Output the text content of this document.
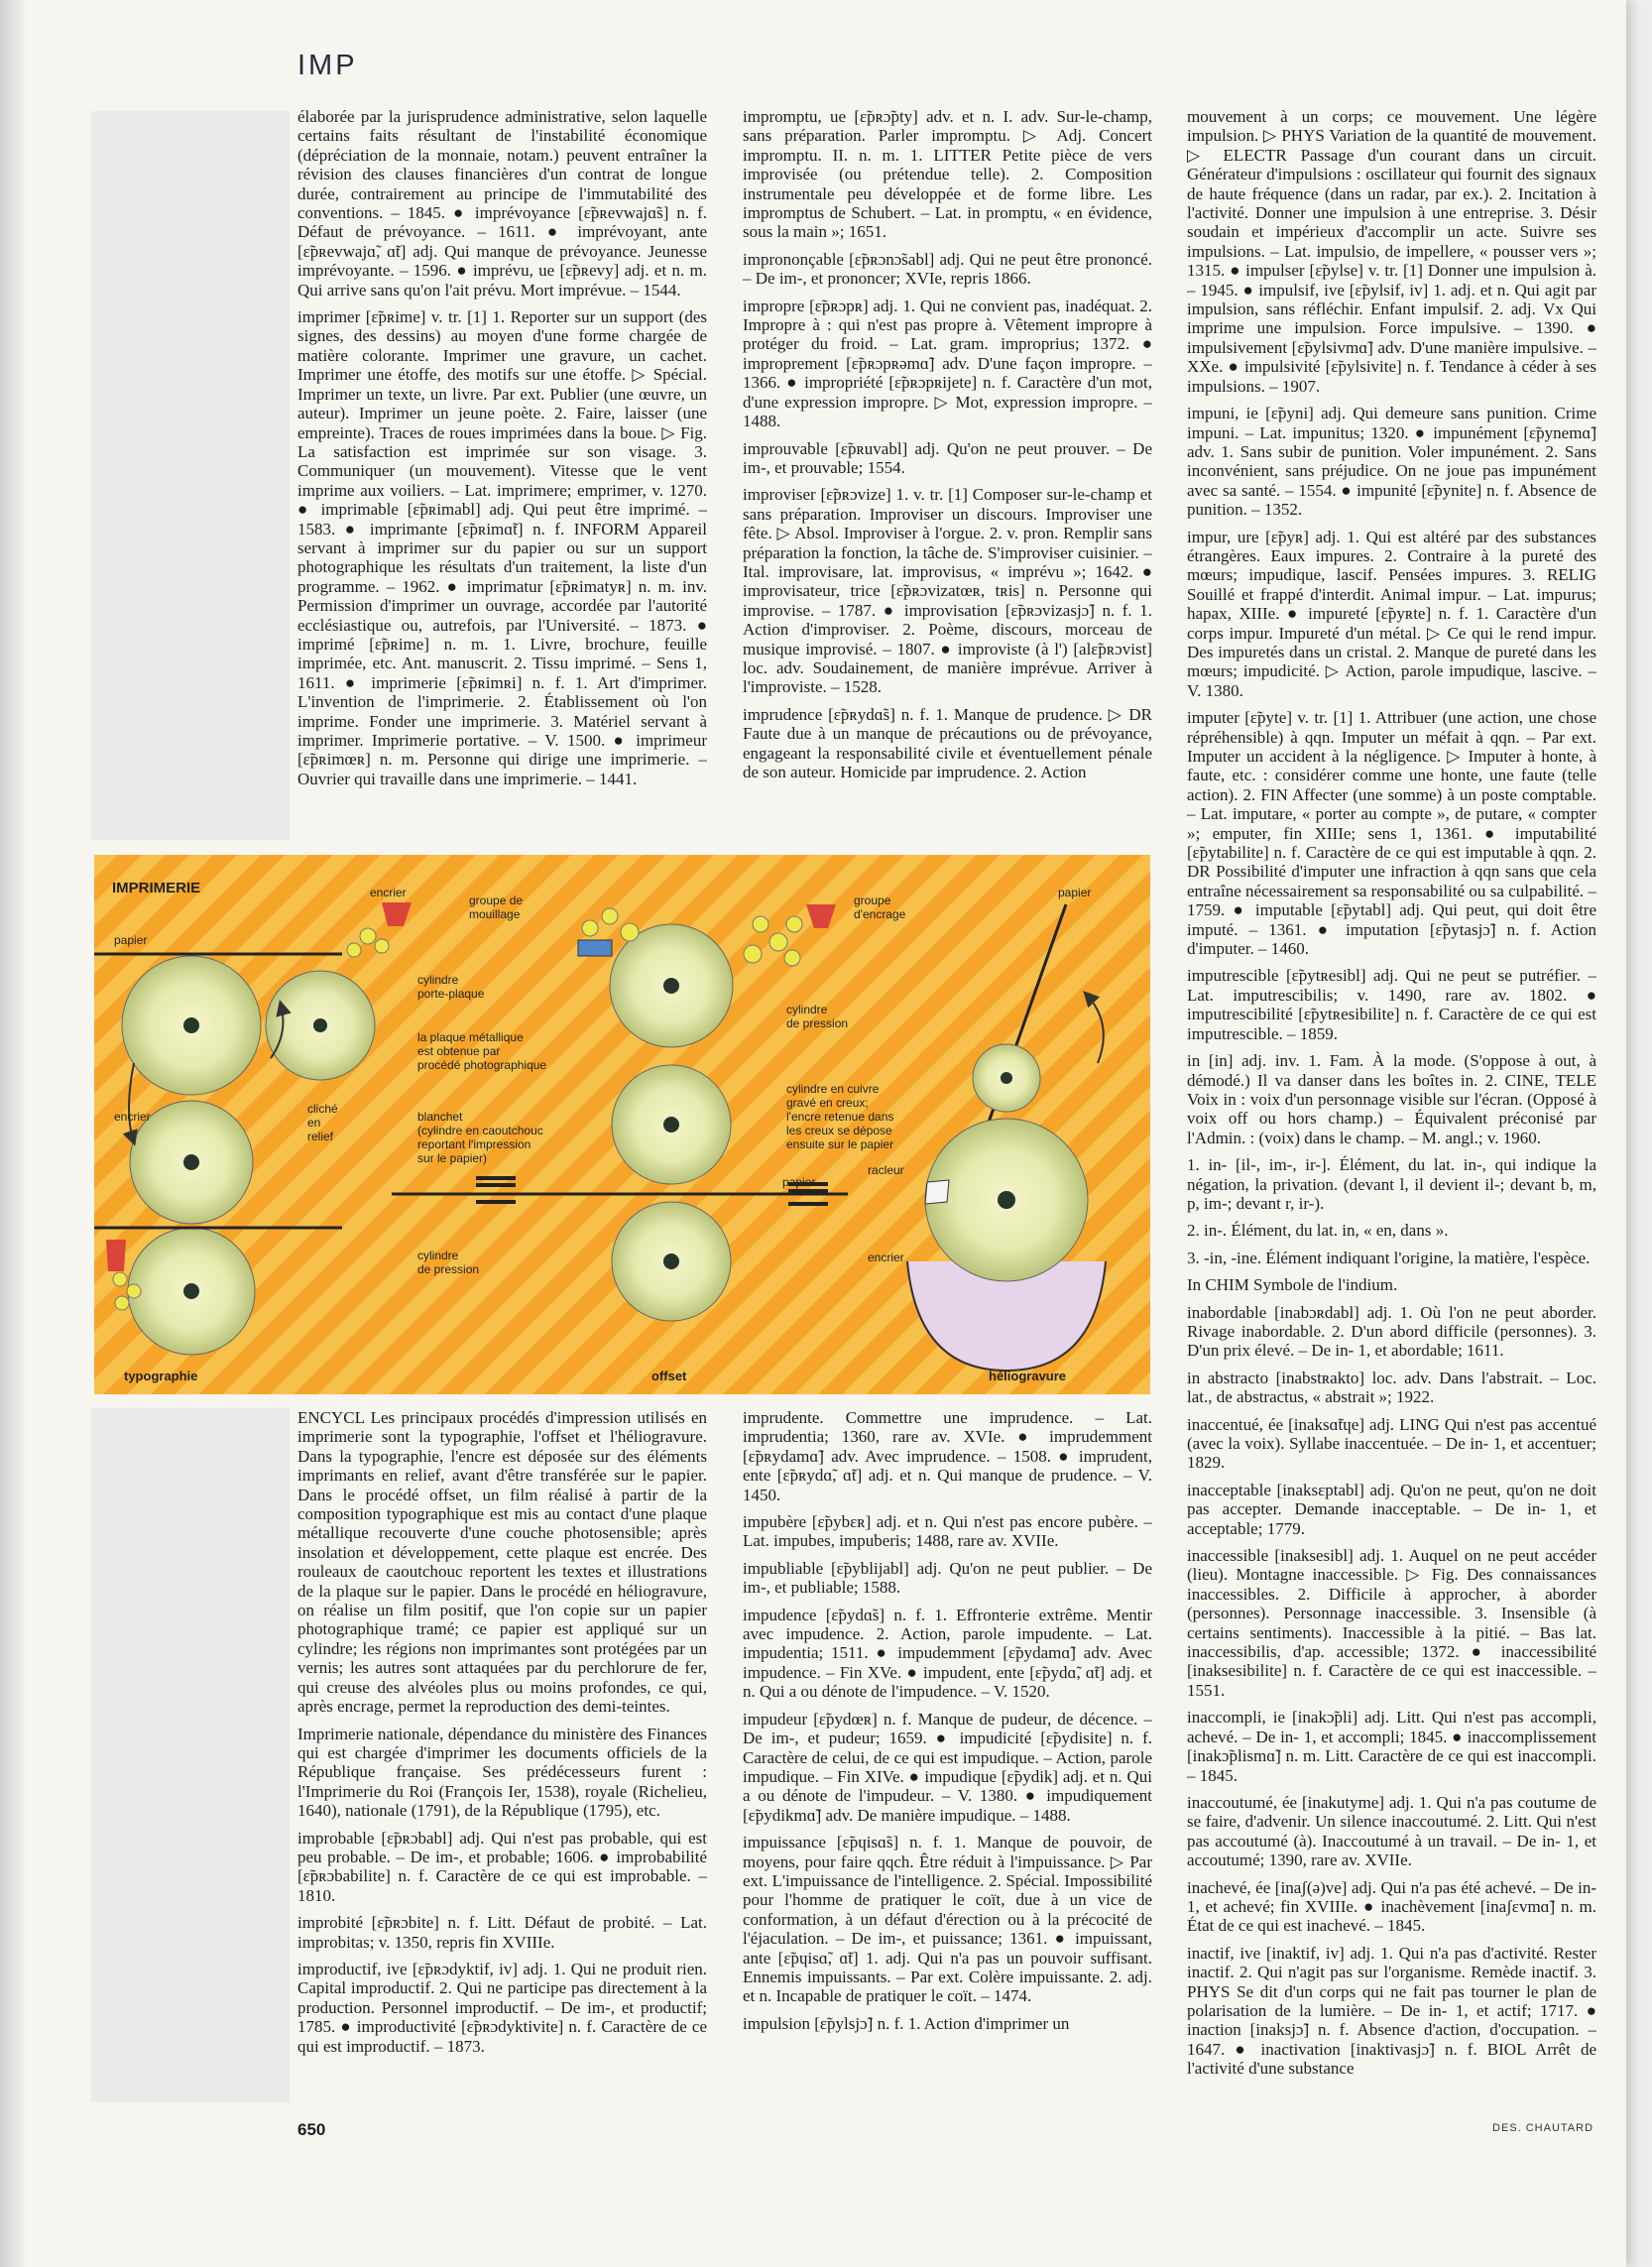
IMP

élaborée par la jurisprudence administrative, selon laquelle certains faits résultant de l'instabilité économique (dépréciation de la monnaie, notam.) peuvent entraîner la révision des clauses financières d'un contrat de longue durée, contrairement au principe de l'immutabilité des conventions. – 1845. ● imprévoyance [ɛ̃pʀevwajɑ̃s] n. f. Défaut de prévoyance. – 1611. ● imprévoyant, ante [ɛ̃pʀevwajɑ̃, ɑ̃t] adj. Qui manque de prévoyance. Jeunesse imprévoyante. – 1596. ● imprévu, ue [ɛ̃pʀevy] adj. et n. m. Qui arrive sans qu'on l'ait prévu. Mort imprévue. – 1544.

imprimer [ɛ̃pʀime] v. tr. [1] 1. Reporter sur un support (des signes, des dessins) au moyen d'une forme chargée de matière colorante. Imprimer une gravure, un cachet. Imprimer une étoffe, des motifs sur une étoffe. ▷ Spécial. Imprimer un texte, un livre. Par ext. Publier (une œuvre, un auteur). Imprimer un jeune poète. 2. Faire, laisser (une empreinte). Traces de roues imprimées dans la boue. ▷ Fig. La satisfaction est imprimée sur son visage. 3. Communiquer (un mouvement). Vitesse que le vent imprime aux voiliers. – Lat. imprimere; emprimer, v. 1270. ● imprimable [ɛ̃pʀimabl] adj. Qui peut être imprimé. – 1583. ● imprimante [ɛ̃pʀimɑ̃t] n. f. INFORM Appareil servant à imprimer sur du papier ou sur un support photographique les résultats d'un traitement, la liste d'un programme. – 1962. ● imprimatur [ɛ̃pʀimatyʀ] n. m. inv. Permission d'imprimer un ouvrage, accordée par l'autorité ecclésiastique ou, autrefois, par l'Université. – 1873. ● imprimé [ɛ̃pʀime] n. m. 1. Livre, brochure, feuille imprimée, etc. Ant. manuscrit. 2. Tissu imprimé. – Sens 1, 1611. ● imprimerie [ɛ̃pʀimʀi] n. f. 1. Art d'imprimer. L'invention de l'imprimerie. 2. Établissement où l'on imprime. Fonder une imprimerie. 3. Matériel servant à imprimer. Imprimerie portative. – V. 1500. ● imprimeur [ɛ̃pʀimœʀ] n. m. Personne qui dirige une imprimerie. – Ouvrier qui travaille dans une imprimerie. – 1441.

impromptu, ue [ɛ̃pʀɔ̃pty] adv. et n. I. adv. Sur-le-champ, sans préparation. Parler impromptu. ▷ Adj. Concert impromptu. II. n. m. 1. LITTER Petite pièce de vers improvisée (ou prétendue telle). 2. Composition instrumentale peu développée et de forme libre. Les impromptus de Schubert. – Lat. in promptu, « en évidence, sous la main »; 1651.

imprononçable [ɛ̃pʀɔnɔ̃sabl] adj. Qui ne peut être prononcé. – De im-, et prononcer; XVIe, repris 1866.

impropre [ɛ̃pʀɔpʀ] adj. 1. Qui ne convient pas, inadéquat. 2. Impropre à : qui n'est pas propre à. Vêtement impropre à protéger du froid. – Lat. gram. improprius; 1372. ● improprement [ɛ̃pʀɔpʀəmɑ̃] adv. D'une façon impropre. – 1366. ● impropriété [ɛ̃pʀɔpʀijete] n. f. Caractère d'un mot, d'une expression impropre. ▷ Mot, expression impropre. – 1488.

improuvable [ɛ̃pʀuvabl] adj. Qu'on ne peut prouver. – De im-, et prouvable; 1554.

improviser [ɛ̃pʀɔvize] 1. v. tr. [1] Composer sur-le-champ et sans préparation. Improviser un discours. Improviser une fête. ▷ Absol. Improviser à l'orgue. 2. v. pron. Remplir sans préparation la fonction, la tâche de. S'improviser cuisinier. – Ital. improvisare, lat. improvisus, « imprévu »; 1642. ● improvisateur, trice [ɛ̃pʀɔvizatœʀ, tʀis] n. Personne qui improvise. – 1787. ● improvisation [ɛ̃pʀɔvizasjɔ̃] n. f. 1. Action d'improviser. 2. Poème, discours, morceau de musique improvisé. – 1807. ● improviste (à l') [alɛ̃pʀɔvist] loc. adv. Soudainement, de manière imprévue. Arriver à l'improviste. – 1528.

imprudence [ɛ̃pʀydɑ̃s] n. f. 1. Manque de prudence. ▷ DR Faute due à un manque de précautions ou de prévoyance, engageant la responsabilité civile et éventuellement pénale de son auteur. Homicide par imprudence. 2. Action

mouvement à un corps; ce mouvement. Une légère impulsion. ▷ PHYS Variation de la quantité de mouvement. ▷ ELECTR Passage d'un courant dans un circuit. Générateur d'impulsions : oscillateur qui fournit des signaux de haute fréquence (dans un radar, par ex.). 2. Incitation à l'activité. Donner une impulsion à une entreprise. 3. Désir soudain et impérieux d'accomplir un acte. Suivre ses impulsions. – Lat. impulsio, de impellere, « pousser vers »; 1315. ● impulser [ɛ̃pylse] v. tr. [1] Donner une impulsion à. – 1945. ● impulsif, ive [ɛ̃pylsif, iv] 1. adj. et n. Qui agit par impulsion, sans réfléchir. Enfant impulsif. 2. adj. Vx Qui imprime une impulsion. Force impulsive. – 1390. ● impulsivement [ɛ̃pylsivmɑ̃] adv. D'une manière impulsive. – XXe. ● impulsivité [ɛ̃pylsivite] n. f. Tendance à céder à ses impulsions. – 1907.

impuni, ie [ɛ̃pyni] adj. Qui demeure sans punition. Crime impuni. – Lat. impunitus; 1320. ● impunément [ɛ̃pynemɑ̃] adv. 1. Sans subir de punition. Voler impunément. 2. Sans inconvénient, sans préjudice. On ne joue pas impunément avec sa santé. – 1554. ● impunité [ɛ̃pynite] n. f. Absence de punition. – 1352.

impur, ure [ɛ̃pyʀ] adj. 1. Qui est altéré par des substances étrangères. Eaux impures. 2. Contraire à la pureté des mœurs; impudique, lascif. Pensées impures. 3. RELIG Souillé et frappé d'interdit. Animal impur. – Lat. impurus; hapax, XIIIe. ● impureté [ɛ̃pyʀte] n. f. 1. Caractère d'un corps impur. Impureté d'un métal. ▷ Ce qui le rend impur. Des impuretés dans un cristal. 2. Manque de pureté dans les mœurs; impudicité. ▷ Action, parole impudique, lascive. – V. 1380.

imputer [ɛ̃pyte] v. tr. [1] 1. Attribuer (une action, une chose répréhensible) à qqn. Imputer un méfait à qqn. – Par ext. Imputer un accident à la négligence. ▷ Imputer à honte, à faute, etc. : considérer comme une honte, une faute (telle action). 2. FIN Affecter (une somme) à un poste comptable. – Lat. imputare, « porter au compte », de putare, « compter »; emputer, fin XIIIe; sens 1, 1361. ● imputabilité [ɛ̃pytabilite] n. f. Caractère de ce qui est imputable à qqn. 2. DR Possibilité d'imputer une infraction à qqn sans que cela entraîne nécessairement sa responsabilité ou sa culpabilité. – 1759. ● imputable [ɛ̃pytabl] adj. Qui peut, qui doit être imputé. – 1361. ● imputation [ɛ̃pytasjɔ̃] n. f. Action d'imputer. – 1460.

imputrescible [ɛ̃pytʀesibl] adj. Qui ne peut se putréfier. – Lat. imputrescibilis; v. 1490, rare av. 1802. ● imputrescibilité [ɛ̃pytʀesibilite] n. f. Caractère de ce qui est imputrescible. – 1859.

in [in] adj. inv. 1. Fam. À la mode. (S'oppose à out, à démodé.) Il va danser dans les boîtes in. 2. CINE, TELE Voix in : voix d'un personnage visible sur l'écran. (Opposé à voix off ou hors champ.) – Équivalent préconisé par l'Admin. : (voix) dans le champ. – M. angl.; v. 1960.

1. in- [il-, im-, ir-]. Élément, du lat. in-, qui indique la négation, la privation. (devant l, il devient il-; devant b, m, p, im-; devant r, ir-).

2. in-. Élément, du lat. in, « en, dans ».

3. -in, -ine. Élément indiquant l'origine, la matière, l'espèce.

In CHIM Symbole de l'indium.

inabordable [inabɔʀdabl] adj. 1. Où l'on ne peut aborder. Rivage inabordable. 2. D'un abord difficile (personnes). 3. D'un prix élevé. – De in- 1, et abordable; 1611.

in abstracto [inabstʀakto] loc. adv. Dans l'abstrait. – Loc. lat., de abstractus, « abstrait »; 1922.

inaccentué, ée [inaksɑ̃tɥe] adj. LING Qui n'est pas accentué (avec la voix). Syllabe inaccentuée. – De in- 1, et accentuer; 1829.

inacceptable [inaksɛptabl] adj. Qu'on ne peut, qu'on ne doit pas accepter. Demande inacceptable. – De in- 1, et acceptable; 1779.

inaccessible [inaksesibl] adj. 1. Auquel on ne peut accéder (lieu). Montagne inaccessible. ▷ Fig. Des connaissances inaccessibles. 2. Difficile à approcher, à aborder (personnes). Personnage inaccessible. 3. Insensible (à certains sentiments). Inaccessible à la pitié. – Bas lat. inaccessibilis, d'ap. accessible; 1372. ● inaccessibilité [inaksesibilite] n. f. Caractère de ce qui est inaccessible. – 1551.

inaccompli, ie [inakɔ̃pli] adj. Litt. Qui n'est pas accompli, achevé. – De in- 1, et accompli; 1845. ● inaccomplissement [inakɔ̃plismɑ̃] n. m. Litt. Caractère de ce qui est inaccompli. – 1845.

inaccoutumé, ée [inakutyme] adj. 1. Qui n'a pas coutume de se faire, d'advenir. Un silence inaccoutumé. 2. Litt. Qui n'est pas accoutumé (à). Inaccoutumé à un travail. – De in- 1, et accoutumé; 1390, rare av. XVIIe.

inachevé, ée [inaʃ(ə)ve] adj. Qui n'a pas été achevé. – De in- 1, et achevé; fin XVIIIe. ● inachèvement [inaʃɛvmɑ̃] n. m. État de ce qui est inachevé. – 1845.

inactif, ive [inaktif, iv] adj. 1. Qui n'a pas d'activité. Rester inactif. 2. Qui n'agit pas sur l'organisme. Remède inactif. 3. PHYS Se dit d'un corps qui ne fait pas tourner le plan de polarisation de la lumière. – De in- 1, et actif; 1717. ● inaction [inaksjɔ̃] n. f. Absence d'action, d'occupation. – 1647. ● inactivation [inaktivasjɔ̃] n. f. BIOL Arrêt de l'activité d'une substance

ENCYCL Les principaux procédés d'impression utilisés en imprimerie sont la typographie, l'offset et l'héliogravure. Dans la typographie, l'encre est déposée sur des éléments imprimants en relief, avant d'être transférée sur le papier. Dans le procédé offset, un film réalisé à partir de la composition typographique est mis au contact d'une plaque métallique recouverte d'une couche photosensible; après insolation et développement, cette plaque est encrée. Des rouleaux de caoutchouc reportent les textes et illustrations de la plaque sur le papier. Dans le procédé en héliogravure, on réalise un film positif, que l'on copie sur un papier photographique tramé; ce papier est appliqué sur un cylindre; les régions non imprimantes sont protégées par un vernis; les autres sont attaquées par du perchlorure de fer, qui creuse des alvéoles plus ou moins profondes, ce qui, après encrage, permet la reproduction des demi-teintes.

Imprimerie nationale, dépendance du ministère des Finances qui est chargée d'imprimer les documents officiels de la République française. Ses prédécesseurs furent : l'Imprimerie du Roi (François Ier, 1538), royale (Richelieu, 1640), nationale (1791), de la République (1795), etc.

improbable [ɛ̃pʀɔbabl] adj. Qui n'est pas probable, qui est peu probable. – De im-, et probable; 1606. ● improbabilité [ɛ̃pʀɔbabilite] n. f. Caractère de ce qui est improbable. – 1810.

improbité [ɛ̃pʀɔbite] n. f. Litt. Défaut de probité. – Lat. improbitas; v. 1350, repris fin XVIIIe.

improductif, ive [ɛ̃pʀɔdyktif, iv] adj. 1. Qui ne produit rien. Capital improductif. 2. Qui ne participe pas directement à la production. Personnel improductif. – De im-, et productif; 1785. ● improductivité [ɛ̃pʀɔdyktivite] n. f. Caractère de ce qui est improductif. – 1873.

imprudente. Commettre une imprudence. – Lat. imprudentia; 1360, rare av. XVIe. ● imprudemment [ɛ̃pʀydamɑ̃] adv. Avec imprudence. – 1508. ● imprudent, ente [ɛ̃pʀydɑ̃, ɑ̃t] adj. et n. Qui manque de prudence. – V. 1450.

impubère [ɛ̃pybɛʀ] adj. et n. Qui n'est pas encore pubère. – Lat. impubes, impuberis; 1488, rare av. XVIIe.

impubliable [ɛ̃pyblijabl] adj. Qu'on ne peut publier. – De im-, et publiable; 1588.

impudence [ɛ̃pydɑ̃s] n. f. 1. Effronterie extrême. Mentir avec impudence. 2. Action, parole impudente. – Lat. impudentia; 1511. ● impudemment [ɛ̃pydamɑ̃] adv. Avec impudence. – Fin XVe. ● impudent, ente [ɛ̃pydɑ̃, ɑ̃t] adj. et n. Qui a ou dénote de l'impudence. – V. 1520.

impudeur [ɛ̃pydœʀ] n. f. Manque de pudeur, de décence. – De im-, et pudeur; 1659. ● impudicité [ɛ̃pydisite] n. f. Caractère de celui, de ce qui est impudique. – Action, parole impudique. – Fin XIVe. ● impudique [ɛ̃pydik] adj. et n. Qui a ou dénote de l'impudeur. – V. 1380. ● impudiquement [ɛ̃pydikmɑ̃] adv. De manière impudique. – 1488.

impuissance [ɛ̃pɥisɑ̃s] n. f. 1. Manque de pouvoir, de moyens, pour faire qqch. Être réduit à l'impuissance. ▷ Par ext. L'impuissance de l'intelligence. 2. Spécial. Impossibilité pour l'homme de pratiquer le coït, due à un vice de conformation, à un défaut d'érection ou à la précocité de l'éjaculation. – De im-, et puissance; 1361. ● impuissant, ante [ɛ̃pɥisɑ̃, ɑ̃t] 1. adj. Qui n'a pas un pouvoir suffisant. Ennemis impuissants. – Par ext. Colère impuissante. 2. adj. et n. Incapable de pratiquer le coït. – 1474.

impulsion [ɛ̃pylsjɔ̃] n. f. 1. Action d'imprimer un

IMPRIMERIE
papier
encrier
encrier
cliché en relief
typographie
groupe de mouillage
groupe d'encrage
cylindre porte-plaque
la plaque métallique est obtenue par procédé photographique
blanchet (cylindre en caoutchouc reportant l'impression sur le papier)
cylindre de pression
offset
papier
cylindre de pression
cylindre en cuivre gravé en creux; l'encre retenue dans les creux se dépose ensuite sur le papier
papier
racleur
encrier
héliogravure
650	DES. CHAUTARD
